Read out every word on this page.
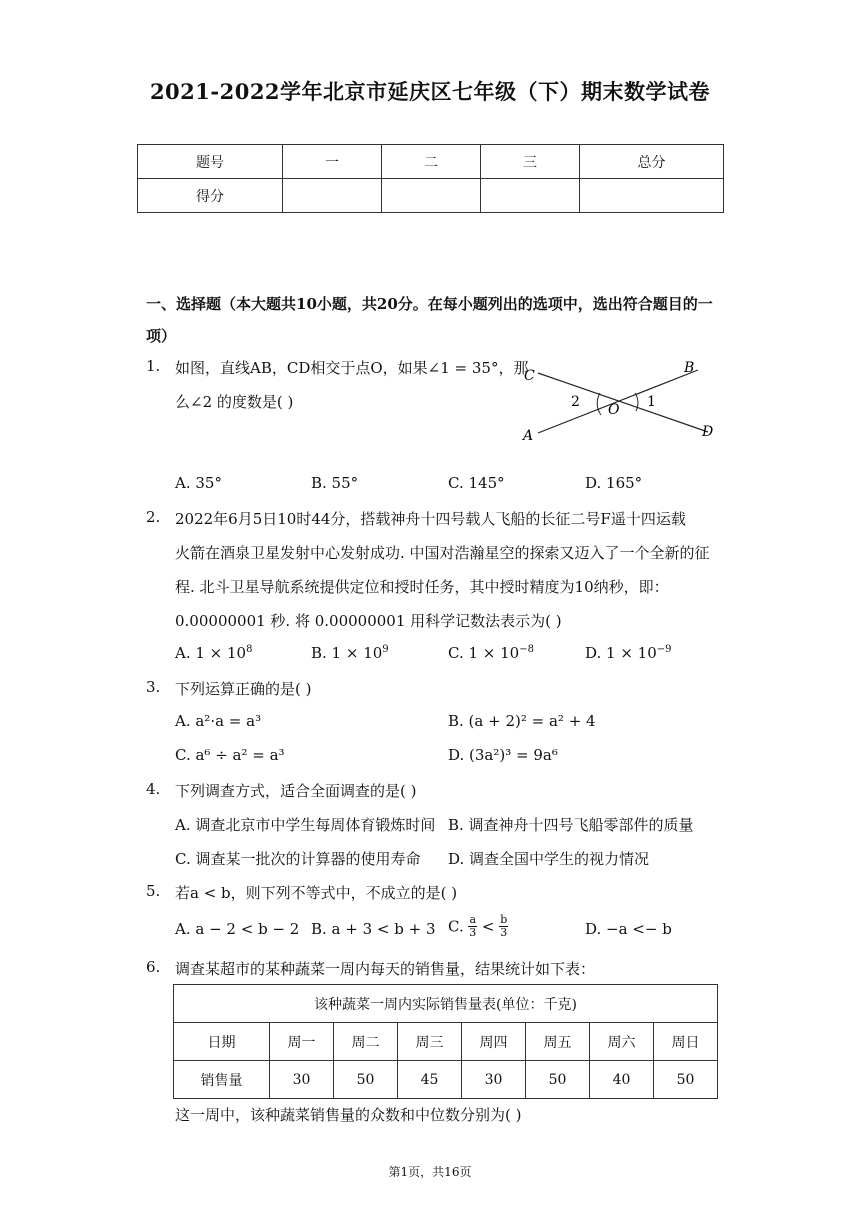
2021-2022学年北京市延庆区七年级（下）期末数学试卷
题号	一	二	三	总分
得分				
一、选择题（本大题共10小题，共20分。在每小题列出的选项中，选出符合题目的一项）
1. 如图，直线AB，CD相交于点O，如果∠1 = 35°，那
么∠2 的度数是( )
C	B
2 O 1
A	D
A. 35°	B. 55°	C. 145°	D. 165°
2. 2022年6月5日10时44分，搭载神舟十四号载人飞船的长征二号F遥十四运载
火箭在酒泉卫星发射中心发射成功. 中国对浩瀚星空的探索又迈入了一个全新的征
程. 北斗卫星导航系统提供定位和授时任务，其中授时精度为10纳秒，即：
0.00000001 秒. 将 0.00000001 用科学记数法表示为( )
A. $1 \times 10^8$	B. $1 \times 10^9$	C. $1 \times 10^{-8}$	D. $1 \times 10^{-9}$
3. 下列运算正确的是( )
A. a²·a = a³	B. (a + 2)² = a² + 4
C. a⁶ ÷ a² = a³	D. (3a²)³ = 9a⁶
4. 下列调查方式，适合全面调查的是( )
A. 调查北京市中学生每周体育锻炼时间 B. 调查神舟十四号飞船零部件的质量
C. 调查某一批次的计算器的使用寿命 D. 调查全国中学生的视力情况
5. 若a < b，则下列不等式中，不成立的是( )
A. a − 2 < b − 2 B. a + 3 < b + 3 C. $\frac{a}{3} < \frac{b}{3}$	D. −a <− b
6. 调查某超市的某种蔬菜一周内每天的销售量，结果统计如下表：
该种蔬菜一周内实际销售量表(单位：千克)							
日期	周一	周二	周三	周四	周五	周六	周日
销售量	30	50	45	30	50	40	50
这一周中，该种蔬菜销售量的众数和中位数分别为( )
第1页，共16页
